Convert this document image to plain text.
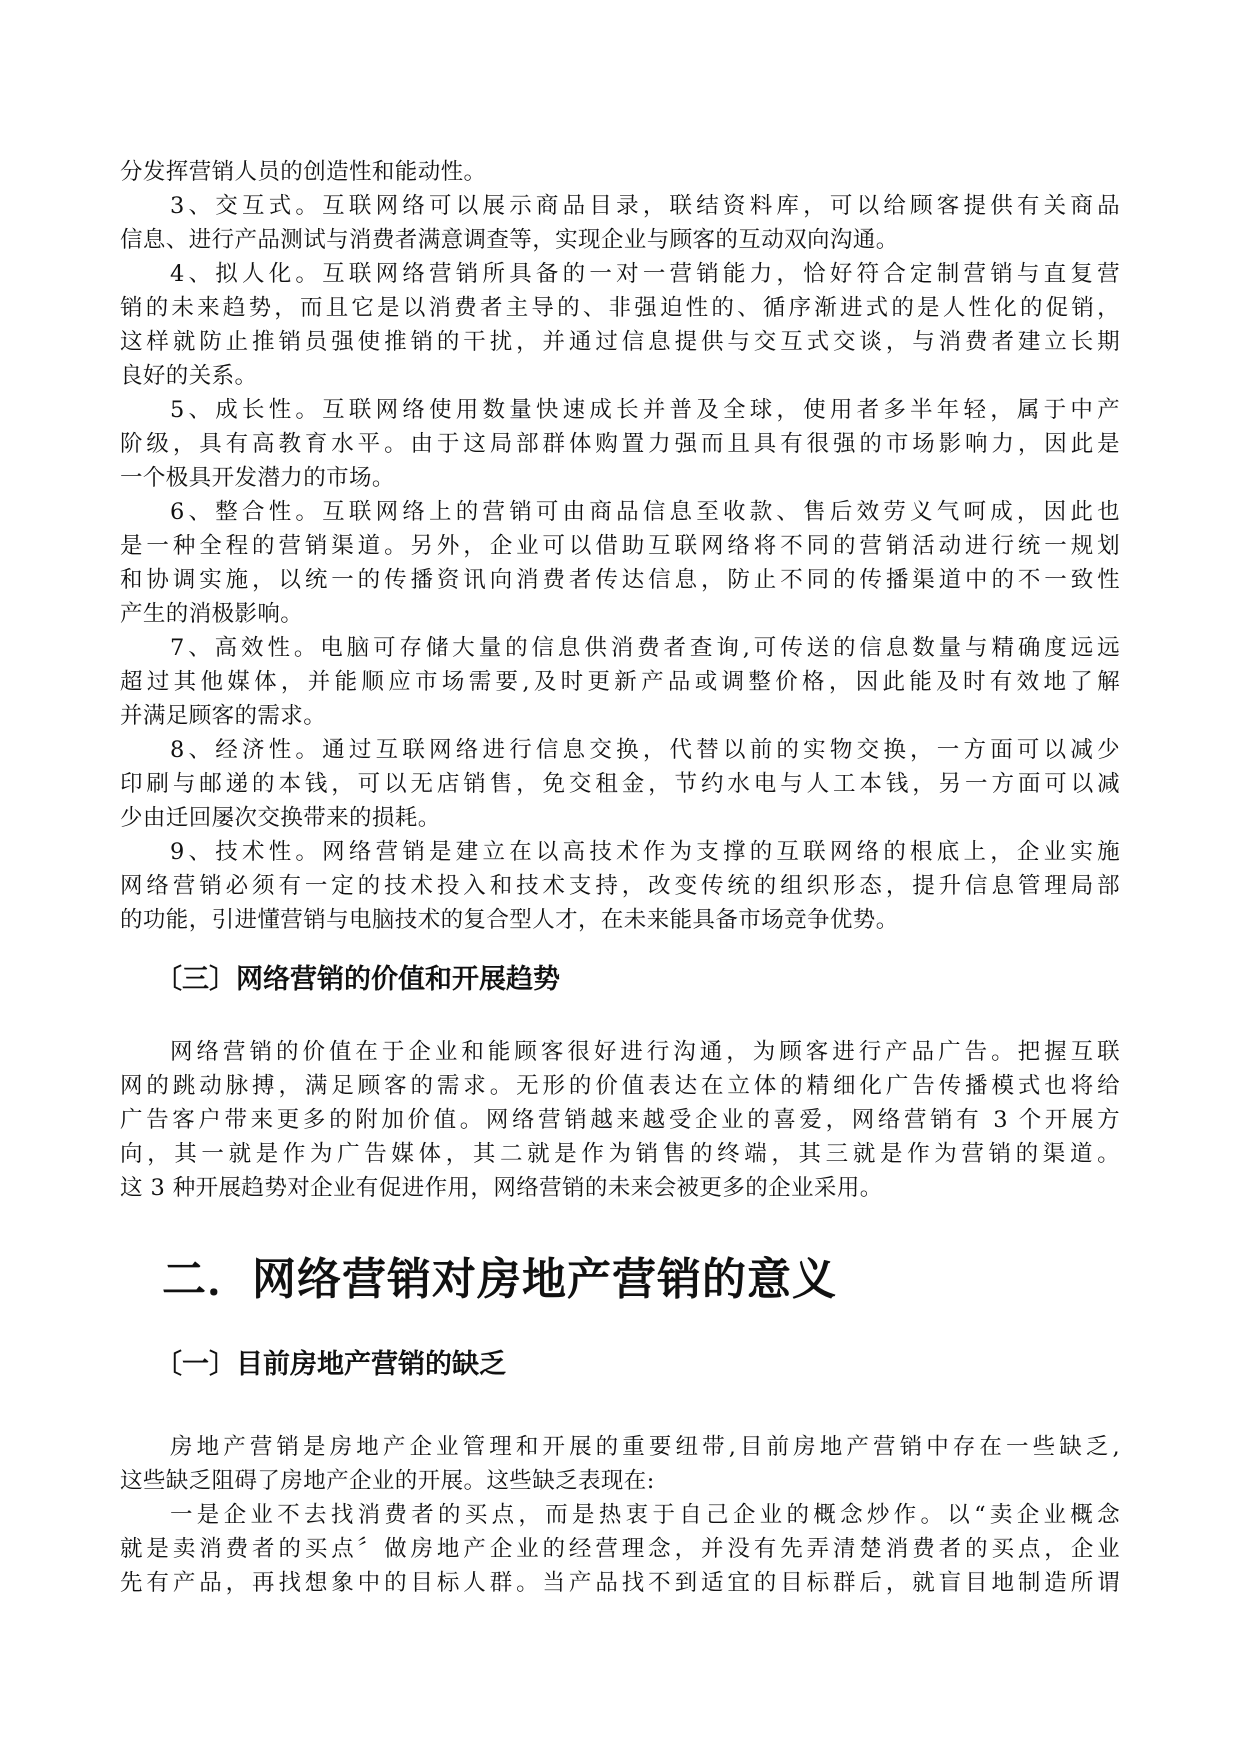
分发挥营销人员的创造性和能动性。
3、交互式。互联网络可以展示商品目录，联结资料库，可以给顾客提供有关商品
信息、进行产品测试与消费者满意调查等，实现企业与顾客的互动双向沟通。
4、拟人化。互联网络营销所具备的一对一营销能力，恰好符合定制营销与直复营
销的未来趋势，而且它是以消费者主导的、非强迫性的、循序渐进式的是人性化的促销，
这样就防止推销员强使推销的干扰，并通过信息提供与交互式交谈，与消费者建立长期
良好的关系。
5、成长性。互联网络使用数量快速成长并普及全球，使用者多半年轻，属于中产
阶级，具有高教育水平。由于这局部群体购置力强而且具有很强的市场影响力，因此是
一个极具开发潜力的市场。
6、整合性。互联网络上的营销可由商品信息至收款、售后效劳义气呵成，因此也
是一种全程的营销渠道。另外，企业可以借助互联网络将不同的营销活动进行统一规划
和协调实施，以统一的传播资讯向消费者传达信息，防止不同的传播渠道中的不一致性
产生的消极影响。
7、高效性。电脑可存储大量的信息供消费者查询,可传送的信息数量与精确度远远
超过其他媒体，并能顺应市场需要,及时更新产品或调整价格，因此能及时有效地了解
并满足顾客的需求。
8、经济性。通过互联网络进行信息交换，代替以前的实物交换，一方面可以减少
印刷与邮递的本钱，可以无店销售，免交租金，节约水电与人工本钱，另一方面可以减
少由迁回屡次交换带来的损耗。
9、技术性。网络营销是建立在以高技术作为支撑的互联网络的根底上，企业实施
网络营销必须有一定的技术投入和技术支持，改变传统的组织形态，提升信息管理局部
的功能，引进懂营销与电脑技术的复合型人才，在未来能具备市场竞争优势。
〔三〕网络营销的价值和开展趋势
网络营销的价值在于企业和能顾客很好进行沟通，为顾客进行产品广告。把握互联
网的跳动脉搏，满足顾客的需求。无形的价值表达在立体的精细化广告传播模式也将给
广告客户带来更多的附加价值。网络营销越来越受企业的喜爱，网络营销有 3 个开展方
向，其一就是作为广告媒体，其二就是作为销售的终端，其三就是作为营销的渠道。
这 3 种开展趋势对企业有促进作用，网络营销的未来会被更多的企业采用。
二．网络营销对房地产营销的意义
〔一〕目前房地产营销的缺乏
房地产营销是房地产企业管理和开展的重要纽带,目前房地产营销中存在一些缺乏,
这些缺乏阻碍了房地产企业的开展。这些缺乏表现在:
一是企业不去找消费者的买点，而是热衷于自己企业的概念炒作。以“卖企业概念
就是卖消费者的买点〞做房地产企业的经营理念，并没有先弄清楚消费者的买点，企业
先有产品，再找想象中的目标人群。当产品找不到适宜的目标群后，就盲目地制造所谓
